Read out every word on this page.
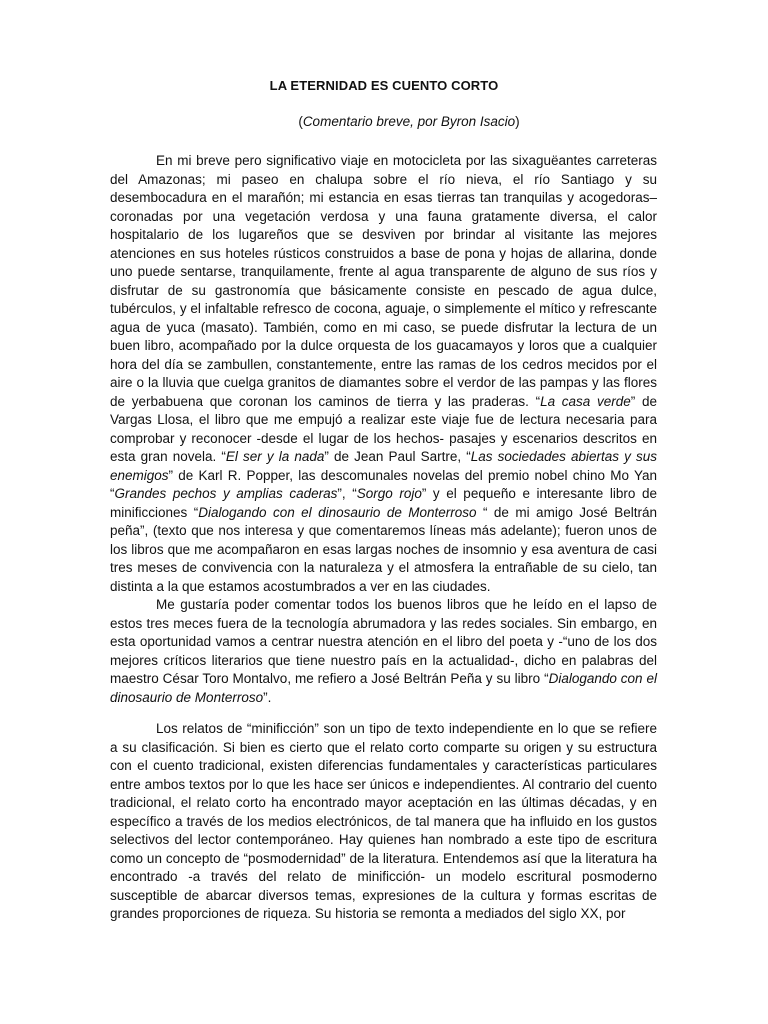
LA ETERNIDAD ES CUENTO CORTO
(Comentario breve, por Byron Isacio)

En mi breve pero significativo viaje en motocicleta por las sixaguëantes carreteras del Amazonas; mi paseo en chalupa sobre el río nieva, el río Santiago y su desembocadura en el marañón; mi estancia en esas tierras tan tranquilas y acogedoras– coronadas por una vegetación verdosa y una fauna gratamente diversa, el calor hospitalario de los lugareños que se desviven por brindar al visitante las mejores atenciones en sus hoteles rústicos construidos a base de pona y hojas de allarina, donde uno puede sentarse, tranquilamente, frente al agua transparente de alguno de sus ríos y disfrutar de su gastronomía que básicamente consiste en pescado de agua dulce, tubérculos, y el infaltable refresco de cocona, aguaje, o simplemente el mítico y refrescante agua de yuca (masato). También, como en mi caso, se puede disfrutar la lectura de un buen libro, acompañado por la dulce orquesta de los guacamayos y loros que a cualquier hora del día se zambullen, constantemente, entre las ramas de los cedros mecidos por el aire o la lluvia que cuelga granitos de diamantes sobre el verdor de las pampas y las flores de yerbabuena que coronan los caminos de tierra y las praderas. “La casa verde” de Vargas Llosa, el libro que me empujó a realizar este viaje fue de lectura necesaria para comprobar y reconocer -desde el lugar de los hechos- pasajes y escenarios descritos en esta gran novela. “El ser y la nada” de Jean Paul Sartre, “Las sociedades abiertas y sus enemigos” de Karl R. Popper, las descomunales novelas del premio nobel chino Mo Yan “Grandes pechos y amplias caderas”, “Sorgo rojo” y el pequeño e interesante libro de minificciones “Dialogando con el dinosaurio de Monterroso “ de mi amigo José Beltrán peña”, (texto que nos interesa y que comentaremos líneas más adelante); fueron unos de los libros que me acompañaron en esas largas noches de insomnio y esa aventura de casi tres meses de convivencia con la naturaleza y el atmosfera la entrañable de su cielo, tan distinta a la que estamos acostumbrados a ver en las ciudades.

Me gustaría poder comentar todos los buenos libros que he leído en el lapso de estos tres meces fuera de la tecnología abrumadora y las redes sociales. Sin embargo, en esta oportunidad vamos a centrar nuestra atención en el libro del poeta y -“uno de los dos mejores críticos literarios que tiene nuestro país en la actualidad-, dicho en palabras del maestro César Toro Montalvo, me refiero a José Beltrán Peña y su libro “Dialogando con el dinosaurio de Monterroso”.

Los relatos de “minificción” son un tipo de texto independiente en lo que se refiere a su clasificación. Si bien es cierto que el relato corto comparte su origen y su estructura con el cuento tradicional, existen diferencias fundamentales y características particulares entre ambos textos por lo que les hace ser únicos e independientes. Al contrario del cuento tradicional, el relato corto ha encontrado mayor aceptación en las últimas décadas, y en específico a través de los medios electrónicos, de tal manera que ha influido en los gustos selectivos del lector contemporáneo. Hay quienes han nombrado a este tipo de escritura como un concepto de “posmodernidad” de la literatura. Entendemos así que la literatura ha encontrado -a través del relato de minificción- un modelo escritural posmoderno susceptible de abarcar diversos temas, expresiones de la cultura y formas escritas de grandes proporciones de riqueza. Su historia se remonta a mediados del siglo XX, por
